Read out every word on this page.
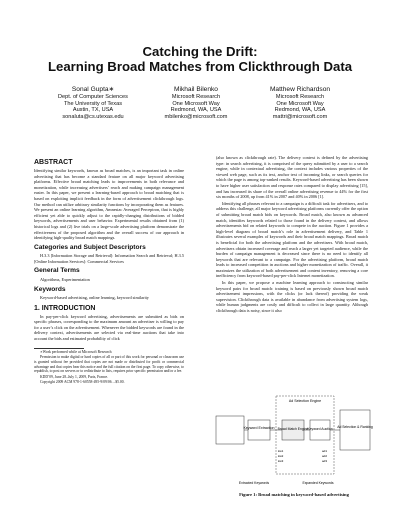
Catching the Drift:
Learning Broad Matches from Clickthrough Data
Sonal Gupta∗
Dept. of Computer Sciences
The University of Texas
Austin, TX, USA
sonaluta@cs.utexas.edu
Mikhail Bilenko
Microsoft Research
One Microsoft Way
Redmond, WA, USA
mbilenko@microsoft.com
Matthew Richardson
Microsoft Research
One Microsoft Way
Redmond, WA, USA
mattri@microsoft.com
ABSTRACT

Identifying similar keywords, known as broad matches, is an important task in online advertising that has become a standard feature on all major keyword advertising platforms. Effective broad matching leads to improvements in both relevance and monetization, while increasing advertisers’ reach and making campaign management easier. In this paper, we present a learning-based approach to broad matching that is based on exploiting implicit feedback in the form of advertisement clickthrough logs. Our method can utilize arbitrary similarity functions by incorporating them as features. We present an online learning algorithm, Amnesiac Averaged Perceptron, that is highly efficient yet able to quickly adjust to the rapidly-changing distributions of bidded keywords, advertisements and user behavior. Experimental results obtained from (1) historical logs and (2) live trials on a large-scale advertising platform demonstrate the effectiveness of the proposed algorithm and the overall success of our approach in identifying high-quality broad match mappings.

Categories and Subject Descriptors

H.3.3 [Information Storage and Retrieval]: Information Search and Retrieval; H.3.5 [Online Information Services]: Commercial Services

General Terms

Algorithms, Experimentation

Keywords

Keyword-based advertising, online learning, keyword similarity

1. INTRODUCTION

In pay-per-click keyword advertising, advertisements are submitted as bids on specific phrases, corresponding to the maximum amount an advertiser is willing to pay for a user’s click on the advertisement. Whenever the bidded keywords are found in the delivery context, advertisements are selected via real-time auctions that take into account the bids and estimated probability of click

∗Work performed while at Microsoft Research

Permission to make digital or hard copies of all or part of this work for personal or classroom use is granted without fee provided that copies are not made or distributed for profit or commercial advantage and that copies bear this notice and the full citation on the first page. To copy otherwise, to republish, to post on servers or to redistribute to lists, requires prior specific permission and/or a fee.

KDD’09, June 28–July 1, 2009, Paris, France.

Copyright 2009 ACM 978-1-60558-495-9/09/06 ...$5.00.

(also known as clickthrough rate). The delivery context is defined by the advertising type: in search advertising, it is comprised of the query submitted by a user to a search engine, while in contextual advertising, the context includes various properties of the viewed web page, such as its text, anchor text of incoming links, or search queries for which the page is among top-ranked results. Keyword-based advertising has been shown to have higher user satisfaction and response rates compared to display advertising [15], and has increased its share of the overall online advertising revenue to 44% for the first six months of 2008, up from 41% in 2007 and 40% in 2006 [1].

Identifying all phrases relevant to a campaign is a difficult task for advertisers, and to address this challenge, all major keyword advertising platforms currently offer the option of submitting broad match bids on keywords. Broad match, also known as advanced match, identifies keywords related to those found in the delivery context, and allows advertisements bid on related keywords to compete in the auction. Figure 1 provides a high-level diagram of broad match’s role in advertisement delivery, and Table 1 illustrates several examples of keywords and their broad match mappings. Broad match is beneficial for both the advertising platform and the advertisers. With broad match, advertisers obtain increased coverage and reach a larger yet targeted audience, while the burden of campaign management is decreased since there is no need to identify all keywords that are relevant to a campaign. For the advertising platform, broad match leads to increased competition in auctions and higher monetization of traffic. Overall, it maximizes the utilization of both advertisement and content inventory, removing a core inefficiency from keyword-based pay-per-click Internet monetization.

In this paper, we propose a machine learning approach to constructing similar keyword pairs for broad match: training is based on previously shown broad match advertisement impressions, with the clicks (or lack thereof) providing the weak supervision. Clickthrough data is available in abundance from advertising system logs, while human judgments are costly and difficult to collect in large quantity. Although clickthrough data is noisy, since it also

Keyword Extraction
Ad Selection Engine
Broad Match Engine Keyword Auction Ad Selection & Ranking
kw1
kw2
kw3
ad1
ad2
ad3
Extracted Keywords	Expanded Keywords
Figure 1: Broad matching in keyword-based advertising
